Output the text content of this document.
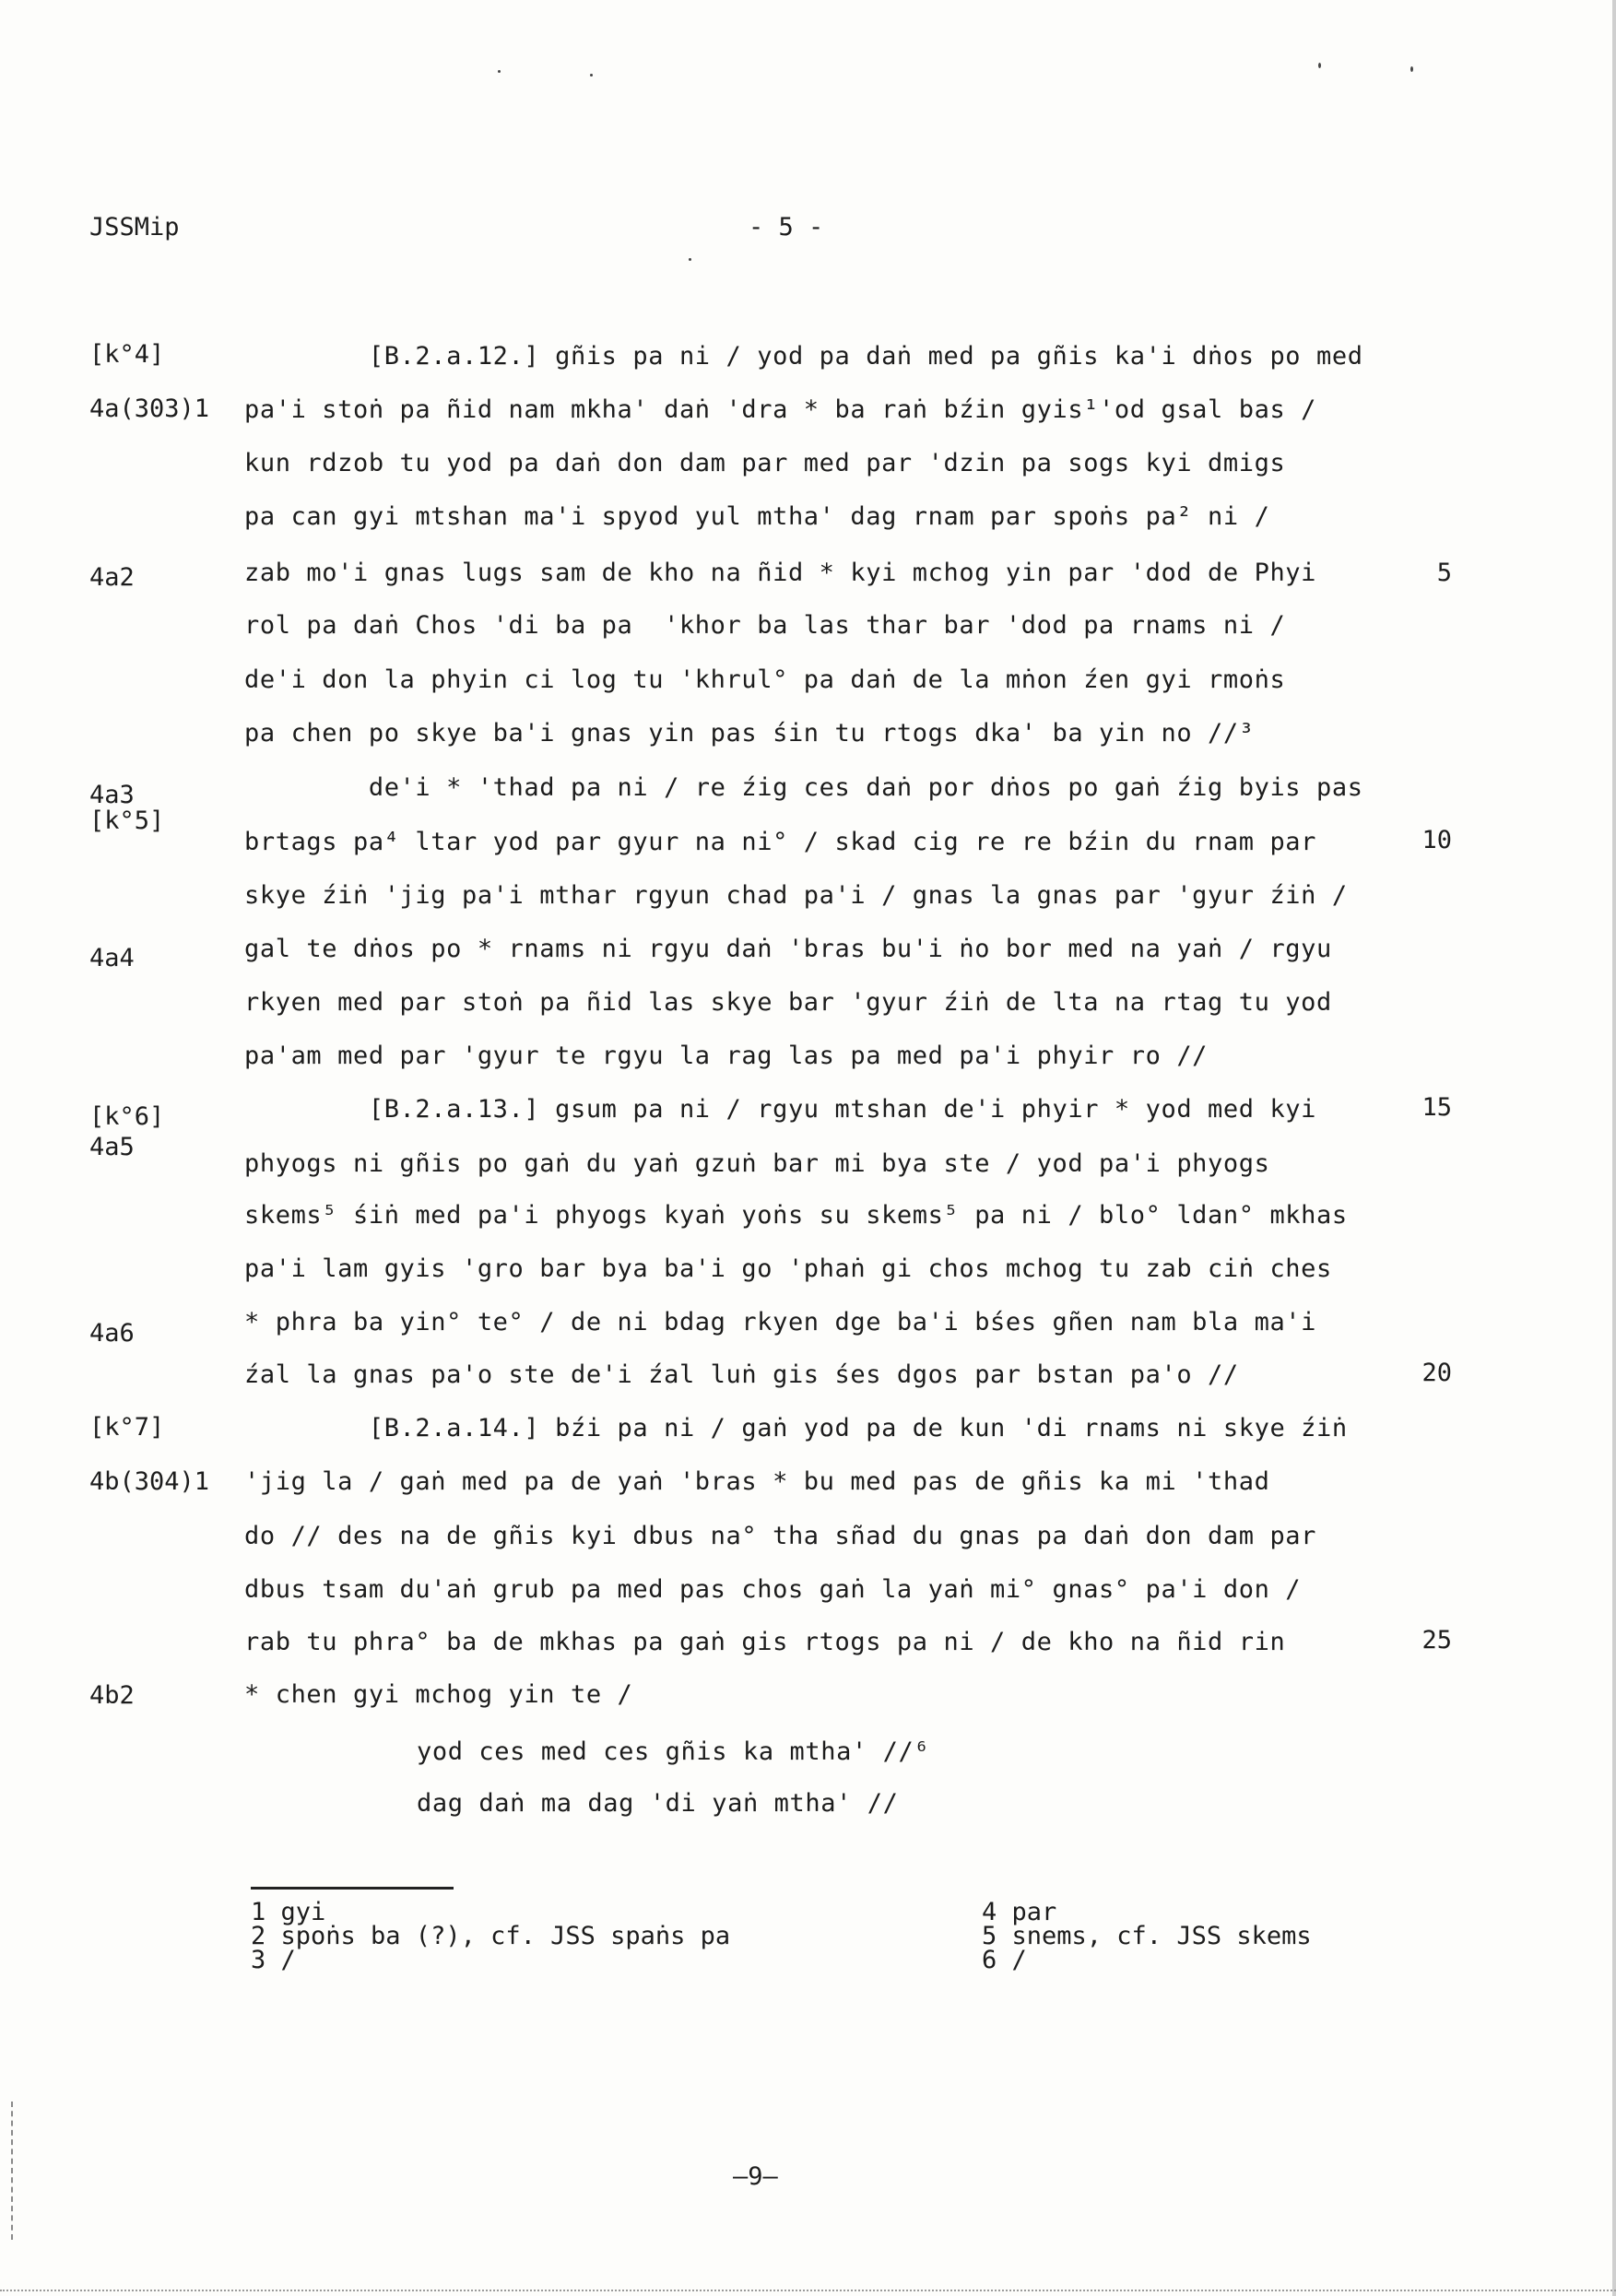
JSSMip	- 5 -
[k°4]
4a(303)1
4a2
4a3
[k°5]
4a4
[k°6]
4a5
4a6
[k°7]
4b(304)1
4b2
5
10
15
20
25
[B.2.a.12.] gñis pa ni / yod pa daṅ med pa gñis ka'i dṅos po med
pa'i stoṅ pa ñid nam mkha' daṅ 'dra * ba raṅ bźin gyis¹'od gsal bas /
kun rdzob tu yod pa daṅ don dam par med par 'dzin pa sogs kyi dmigs
pa can gyi mtshan ma'i spyod yul mtha' dag rnam par spoṅs pa² ni /
zab mo'i gnas lugs sam de kho na ñid * kyi mchog yin par 'dod de Phyi
rol pa daṅ Chos 'di ba pa  'khor ba las thar bar 'dod pa rnams ni /
de'i don la phyin ci log tu 'khrul° pa daṅ de la mṅon źen gyi rmoṅs
pa chen po skye ba'i gnas yin pas śin tu rtogs dka' ba yin no //³
de'i * 'thad pa ni / re źig ces daṅ por dṅos po gaṅ źig byis pas
brtags pa⁴ ltar yod par gyur na ni° / skad cig re re bźin du rnam par
skye źiṅ 'jig pa'i mthar rgyun chad pa'i / gnas la gnas par 'gyur źiṅ /
gal te dṅos po * rnams ni rgyu daṅ 'bras bu'i ṅo bor med na yaṅ / rgyu
rkyen med par stoṅ pa ñid las skye bar 'gyur źiṅ de lta na rtag tu yod
pa'am med par 'gyur te rgyu la rag las pa med pa'i phyir ro //
[B.2.a.13.] gsum pa ni / rgyu mtshan de'i phyir * yod med kyi
phyogs ni gñis po gaṅ du yaṅ gzuṅ bar mi bya ste / yod pa'i phyogs
skems⁵ śiṅ med pa'i phyogs kyaṅ yoṅs su skems⁵ pa ni / blo° ldan° mkhas
pa'i lam gyis 'gro bar bya ba'i go 'phaṅ gi chos mchog tu zab ciṅ ches
* phra ba yin° te° / de ni bdag rkyen dge ba'i bśes gñen nam bla ma'i
źal la gnas pa'o ste de'i źal luṅ gis śes dgos par bstan pa'o //
[B.2.a.14.] bźi pa ni / gaṅ yod pa de kun 'di rnams ni skye źiṅ
'jig la / gaṅ med pa de yaṅ 'bras * bu med pas de gñis ka mi 'thad
do // des na de gñis kyi dbus na° tha sñad du gnas pa daṅ don dam par
dbus tsam du'aṅ grub pa med pas chos gaṅ la yaṅ mi° gnas° pa'i don /
rab tu phra° ba de mkhas pa gaṅ gis rtogs pa ni / de kho na ñid rin
* chen gyi mchog yin te /
yod ces med ces gñis ka mtha' //⁶
dag daṅ ma dag 'di yaṅ mtha' //
1 gyi
2 spoṅs ba (?), cf. JSS spaṅs pa
3 /
4 par
5 snems, cf. JSS skems
6 /
—9—
